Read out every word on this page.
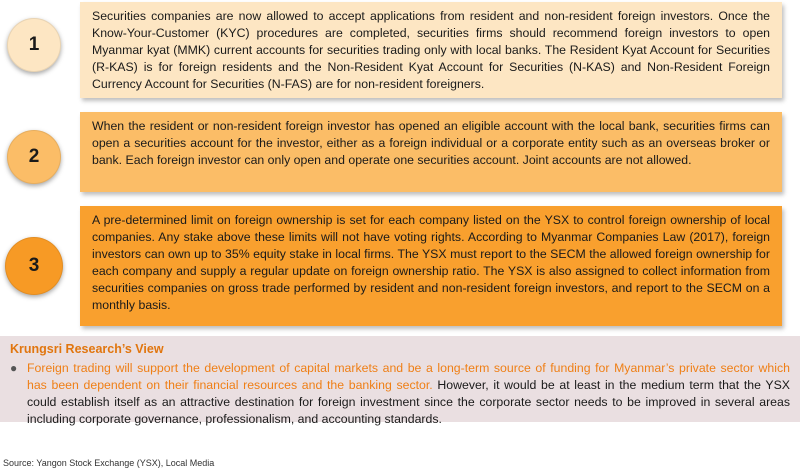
1
Securities companies are now allowed to accept applications from resident and non-resident foreign investors. Once the Know-Your-Customer (KYC) procedures are completed, securities firms should recommend foreign investors to open Myanmar kyat (MMK) current accounts for securities trading only with local banks. The Resident Kyat Account for Securities (R-KAS) is for foreign residents and the Non-Resident Kyat Account for Securities (N-KAS) and Non-Resident Foreign Currency Account for Securities (N-FAS) are for non-resident foreigners.
2
When the resident or non-resident foreign investor has opened an eligible account with the local bank, securities firms can open a securities account for the investor, either as a foreign individual or a corporate entity such as an overseas broker or bank. Each foreign investor can only open and operate one securities account. Joint accounts are not allowed.
3
A pre-determined limit on foreign ownership is set for each company listed on the YSX to control foreign ownership of local companies. Any stake above these limits will not have voting rights. According to Myanmar Companies Law (2017), foreign investors can own up to 35% equity stake in local firms. The YSX must report to the SECM the allowed foreign ownership for each company and supply a regular update on foreign ownership ratio. The YSX is also assigned to collect information from securities companies on gross trade performed by resident and non-resident foreign investors, and report to the SECM on a monthly basis.
Krungsri Research’s View
● Foreign trading will support the development of capital markets and be a long-term source of funding for Myanmar’s private sector which has been dependent on their financial resources and the banking sector. However, it would be at least in the medium term that the YSX could establish itself as an attractive destination for foreign investment since the corporate sector needs to be improved in several areas including corporate governance, professionalism, and accounting standards.
Source: Yangon Stock Exchange (YSX), Local Media
